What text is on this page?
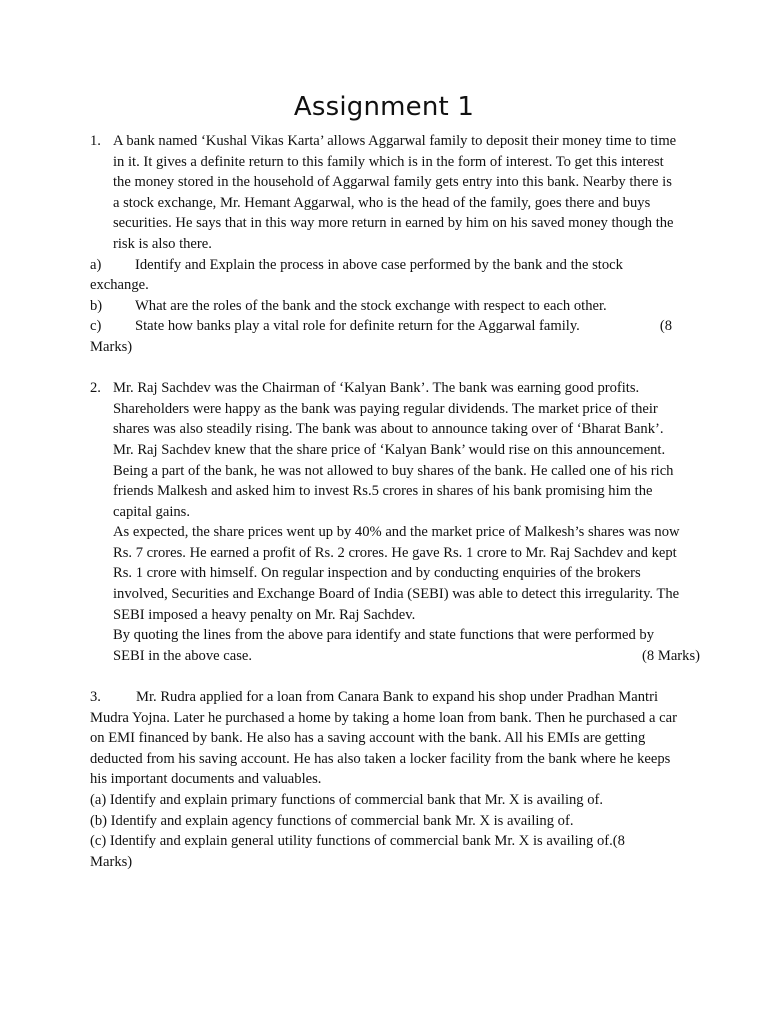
Assignment 1
1. A bank named ‘Kushal Vikas Karta’ allows Aggarwal family to deposit their money time to time in it. It gives a definite return to this family which is in the form of interest. To get this interest the money stored in the household of Aggarwal family gets entry into this bank. Nearby there is a stock exchange, Mr. Hemant Aggarwal, who is the head of the family, goes there and buys securities. He says that in this way more return in earned by him on his saved money though the risk is also there.

a) Identify and Explain the process in above case performed by the bank and the stock exchange.
b) What are the roles of the bank and the stock exchange with respect to each other.
c) State how banks play a vital role for definite return for the Aggarwal family.	(8
Marks)
2. Mr. Raj Sachdev was the Chairman of ‘Kalyan Bank’. The bank was earning good profits. Shareholders were happy as the bank was paying regular dividends. The market price of their shares was also steadily rising. The bank was about to announce taking over of ‘Bharat Bank’. Mr. Raj Sachdev knew that the share price of ‘Kalyan Bank’ would rise on this announcement. Being a part of the bank, he was not allowed to buy shares of the bank. He called one of his rich friends Malkesh and asked him to invest Rs.5 crores in shares of his bank promising him the capital gains.

As expected, the share prices went up by 40% and the market price of Malkesh’s shares was now Rs. 7 crores. He earned a profit of Rs. 2 crores. He gave Rs. 1 crore to Mr. Raj Sachdev and kept Rs. 1 crore with himself. On regular inspection and by conducting enquiries of the brokers involved, Securities and Exchange Board of India (SEBI) was able to detect this irregularity. The SEBI imposed a heavy penalty on Mr. Raj Sachdev.

By quoting the lines from the above para identify and state functions that were performed by SEBI in the above case.	(8 Marks)

3. Mr. Rudra applied for a loan from Canara Bank to expand his shop under Pradhan Mantri Mudra Yojna. Later he purchased a home by taking a home loan from bank. Then he purchased a car on EMI financed by bank. He also has a saving account with the bank. All his EMIs are getting deducted from his saving account. He has also taken a locker facility from the bank where he keeps his important documents and valuables.

(a) Identify and explain primary functions of commercial bank that Mr. X is availing of.
(b) Identify and explain agency functions of commercial bank Mr. X is availing of.
(c) Identify and explain general utility functions of commercial bank Mr. X is availing of.(8
Marks)
